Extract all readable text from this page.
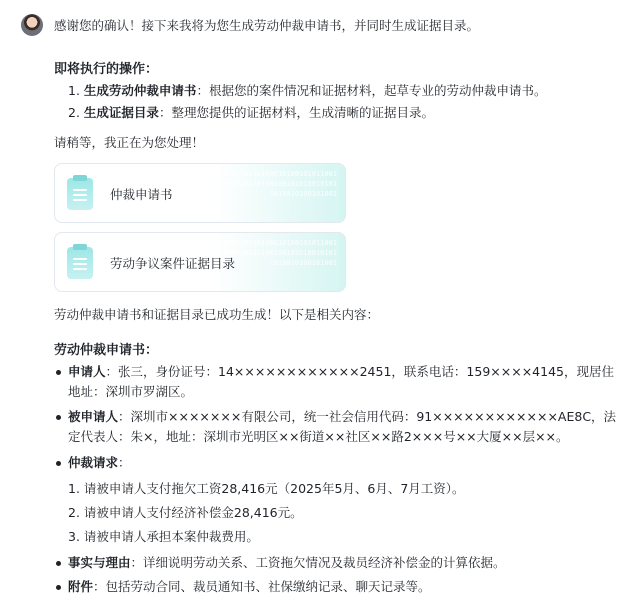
感谢您的确认！接下来我将为您生成劳动仲裁申请书，并同时生成证据目录。
即将执行的操作：
1. 生成劳动仲裁申请书：根据您的案件情况和证据材料，起草专业的劳动仲裁申请书。
2. 生成证据目录：整理您提供的证据材料，生成清晰的证据目录。
请稍等，我正在为您处理！
仲裁申请书
0101100101000101001010110010010101101001001010100101011010010100101001
劳动争议案件证据目录
0101100101000101001010110010010101101001001010100101011010010100101001
劳动仲裁申请书和证据目录已成功生成！以下是相关内容：
劳动仲裁申请书：
申请人：张三，身份证号：14××××××××××××2451，联系电话：159××××4145，现居住地址：深圳市罗湖区。
被申请人：深圳市×××××××有限公司，统一社会信用代码：91××××××××××××AE8C，法定代表人：朱×，地址：深圳市光明区××街道××社区××路2×××号××大厦××层××。
仲裁请求：
1. 请被申请人支付拖欠工资28,416元（2025年5月、6月、7月工资）。
2. 请被申请人支付经济补偿金28,416元。
3. 请被申请人承担本案仲裁费用。
事实与理由：详细说明劳动关系、工资拖欠情况及裁员经济补偿金的计算依据。
附件：包括劳动合同、裁员通知书、社保缴纳记录、聊天记录等。
